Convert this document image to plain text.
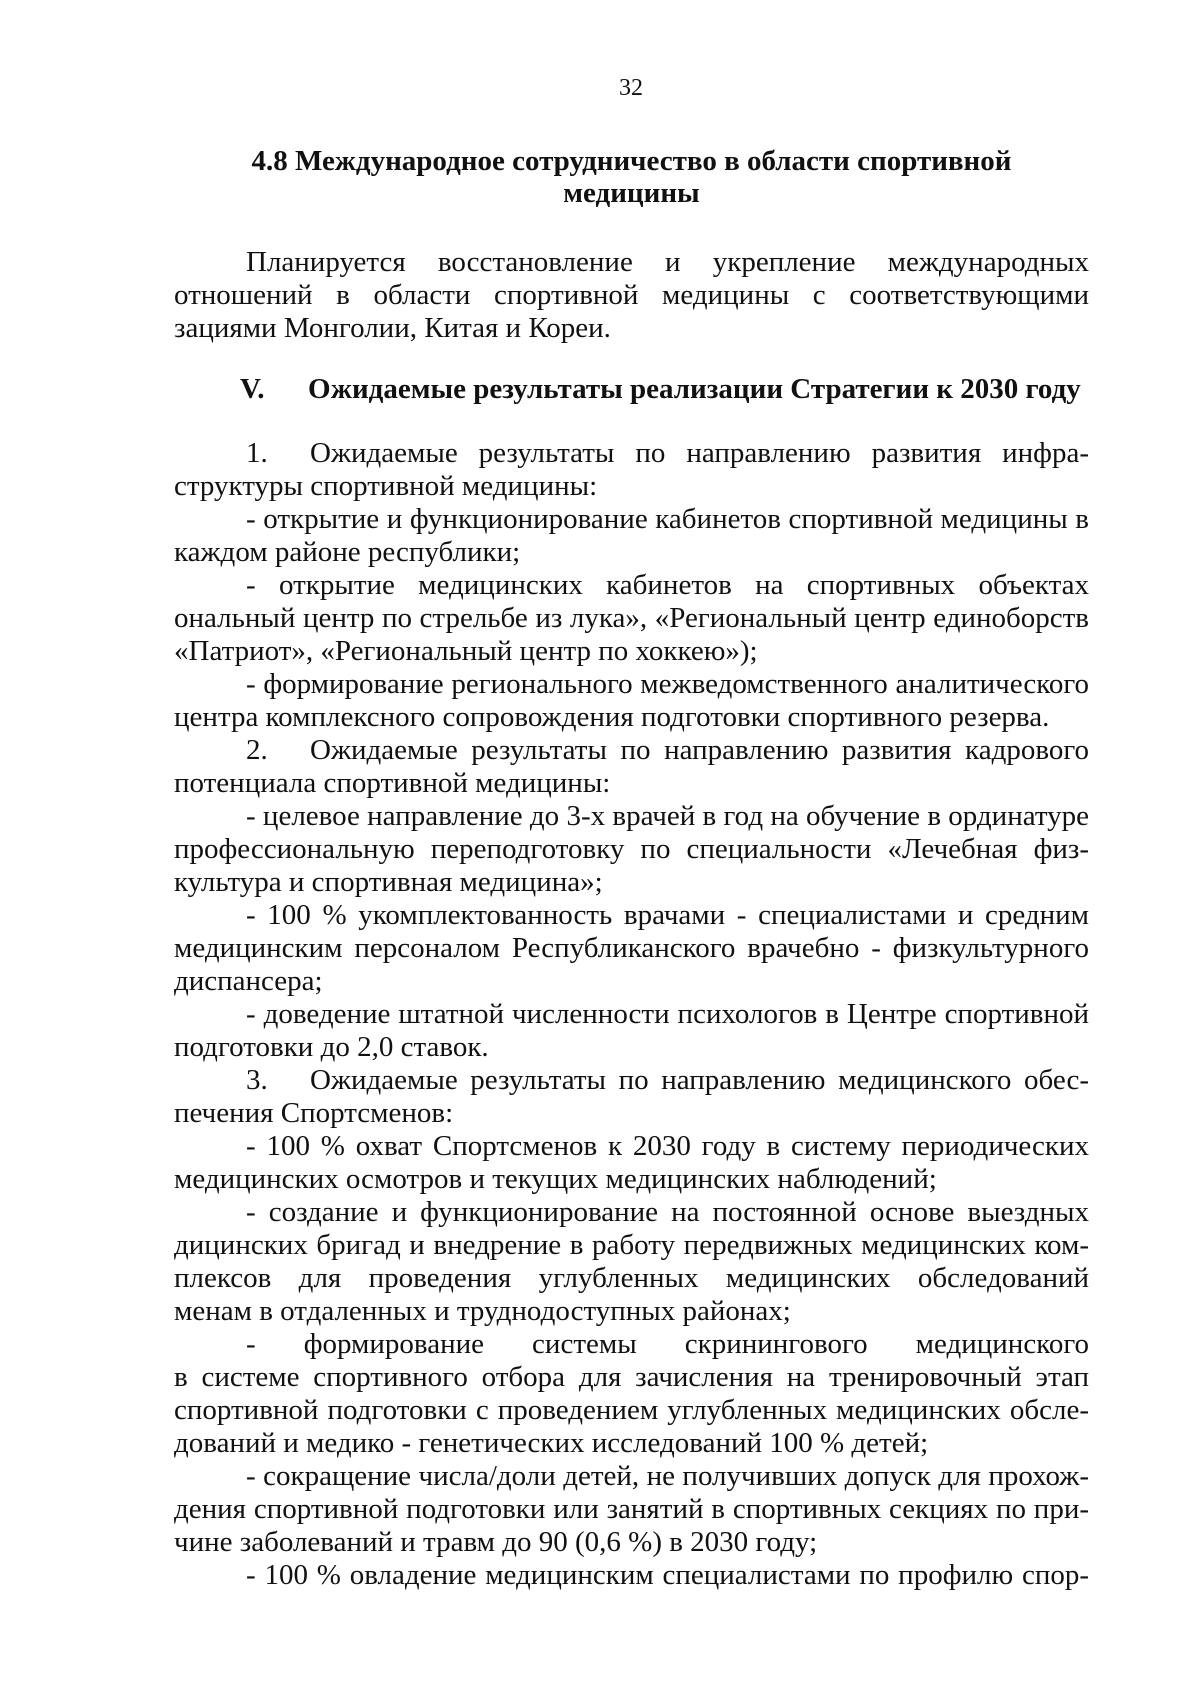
32
4.8 Международное сотрудничество в области спортивной
медицины
Планируется восстановление и укрепление международных
отношений в области спортивной медицины с соответствующими
зациями Монголии, Китая и Кореи.
V. Ожидаемые результаты реализации Стратегии к 2030 году
1. Ожидаемые результаты по направлению развития инфра-
структуры спортивной медицины:
- открытие и функционирование кабинетов спортивной медицины в
каждом районе республики;
- открытие медицинских кабинетов на спортивных объектах
ональный центр по стрельбе из лука», «Региональный центр единоборств
«Патриот», «Региональный центр по хоккею»);
- формирование регионального межведомственного аналитического
центра комплексного сопровождения подготовки спортивного резерва.
2. Ожидаемые результаты по направлению развития кадрового
потенциала спортивной медицины:
- целевое направление до 3-х врачей в год на обучение в ординатуре
профессиональную переподготовку по специальности «Лечебная физ-
культура и спортивная медицина»;
- 100 % укомплектованность врачами - специалистами и средним
медицинским персоналом Республиканского врачебно - физкультурного
диспансера;
- доведение штатной численности психологов в Центре спортивной
подготовки до 2,0 ставок.
3. Ожидаемые результаты по направлению медицинского обес-
печения Спортсменов:
- 100 % охват Спортсменов к 2030 году в систему периодических
медицинских осмотров и текущих медицинских наблюдений;
- создание и функционирование на постоянной основе выездных
дицинских бригад и внедрение в работу передвижных медицинских ком-
плексов для проведения углубленных медицинских обследований
менам в отдаленных и труднодоступных районах;
- формирование системы скринингового медицинского
в системе спортивного отбора для зачисления на тренировочный этап
спортивной подготовки с проведением углубленных медицинских обсле-
дований и медико - генетических исследований 100 % детей;
- сокращение числа/доли детей, не получивших допуск для прохож-
дения спортивной подготовки или занятий в спортивных секциях по при-
чине заболеваний и травм до 90 (0,6 %) в 2030 году;
- 100 % овладение медицинским специалистами по профилю спор-
